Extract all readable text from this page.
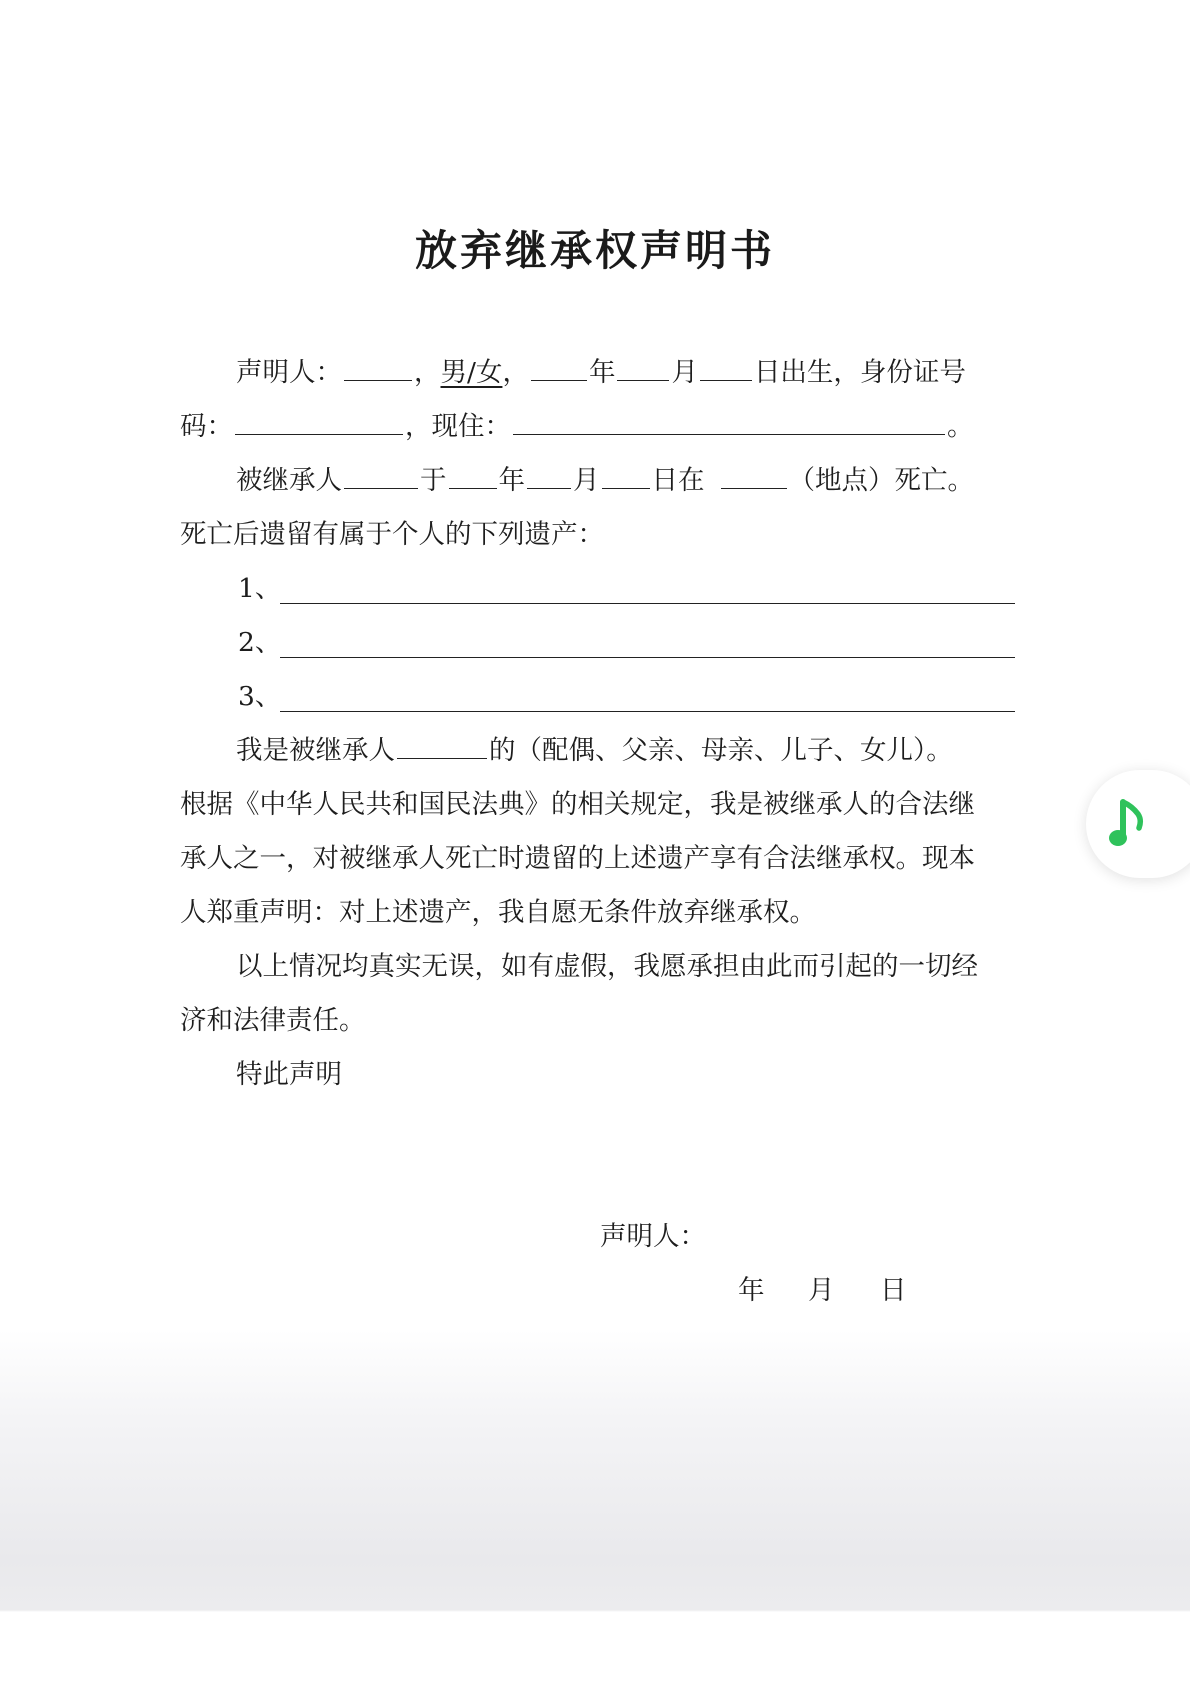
放弃继承权声明书
声明人：	，男/女， 年 月 日出生，身份证号
码：	，现住：	。
被继承人	于 年 月 日在	（地点）死亡。
死亡后遗留有属于个人的下列遗产：
1、
2、
3、
我是被继承人	的（配偶、父亲、母亲、儿子、女儿）。
根据《中华人民共和国民法典》的相关规定，我是被继承人的合法继
承人之一，对被继承人死亡时遗留的上述遗产享有合法继承权。现本
人郑重声明：对上述遗产，我自愿无条件放弃继承权。
以上情况均真实无误，如有虚假，我愿承担由此而引起的一切经
济和法律责任。
特此声明
声明人：
年 月 日
